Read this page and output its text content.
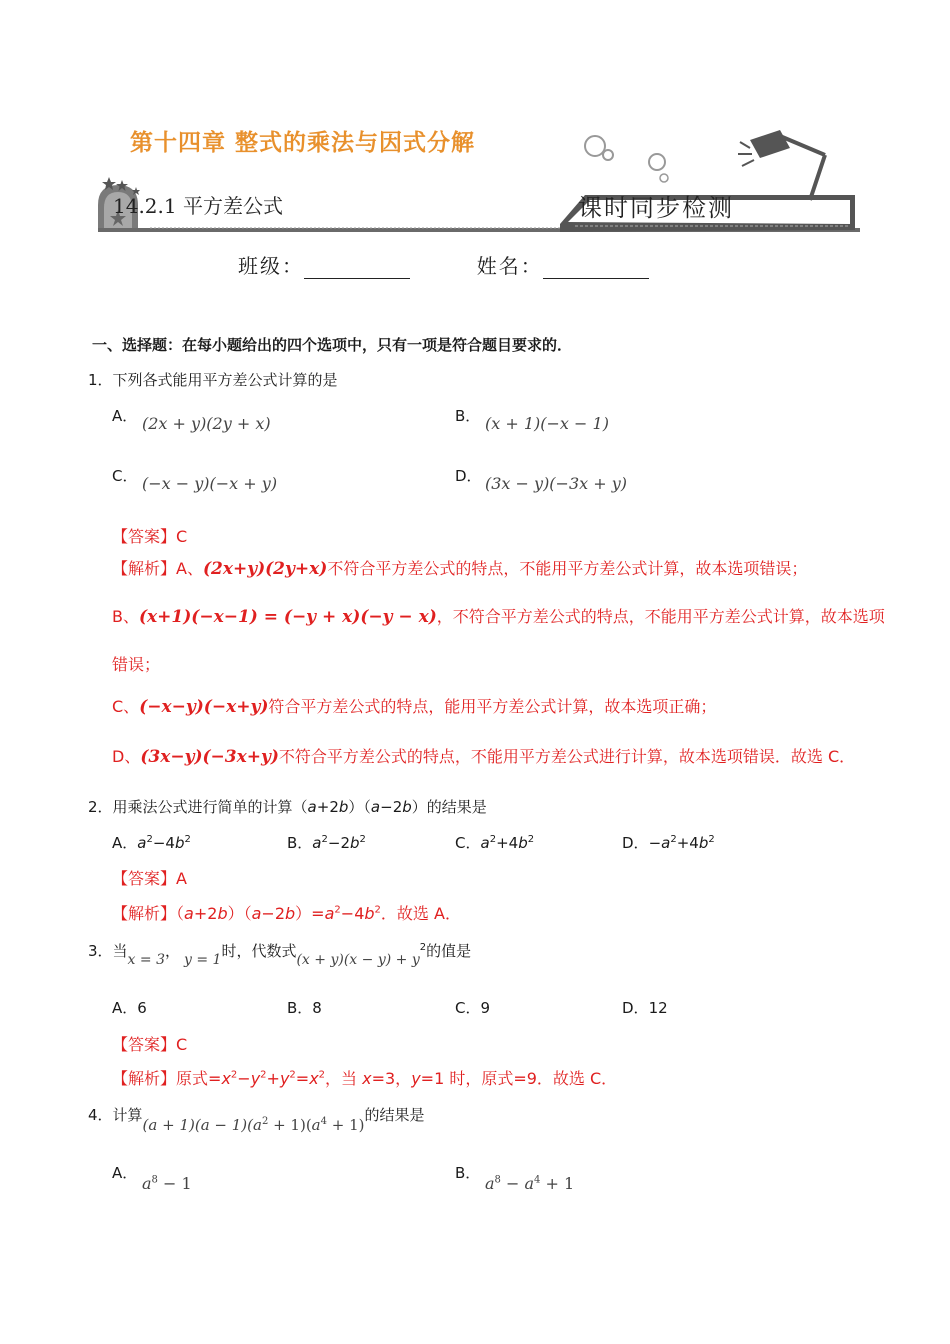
第十四章 整式的乘法与因式分解
14.2.1 平方差公式	课时同步检测
班级：	姓名：
一、选择题：在每小题给出的四个选项中，只有一项是符合题目要求的．
1．下列各式能用平方差公式计算的是
A． (2x + y)(2y + x)	B． (x + 1)(−x − 1)
C． (−x − y)(−x + y)	D． (3x − y)(−3x + y)
【答案】C
【解析】A、(2x+y)(2y+x)不符合平方差公式的特点，不能用平方差公式计算，故本选项错误；
B、(x+1)(−x−1) = (−y + x)(−y − x)，不符合平方差公式的特点，不能用平方差公式计算，故本选项
错误；
C、(−x−y)(−x+y)符合平方差公式的特点，能用平方差公式计算，故本选项正确；
D、(3x−y)(−3x+y)不符合平方差公式的特点，不能用平方差公式进行计算，故本选项错误．故选 C．
2．用乘法公式进行简单的计算（a+2b）（a−2b）的结果是
A．$a^2-4b^2$	B．$a^2-2b^2$	C．$a^2+4b^2$	D．$-a^2+4b^2$
【答案】A
【解析】$(a+2b)(a-2b)=a^2-4b^2$．故选 A．
3．当x = 3， y = 1时，代数式$(x + y)(x - y) + y^2$的值是
A．6	B．8	C．9	D．12
【答案】C
【解析】原式$=x^2-y^2+y^2=x^2$，当 x=3，y=1 时，原式=9．故选 C．
4．计算$(a + 1)(a - 1)(a^2 + 1)(a^4 + 1)$的结果是
A．
$a^8 - 1$
B．
$a^8 - a^4 + 1$
